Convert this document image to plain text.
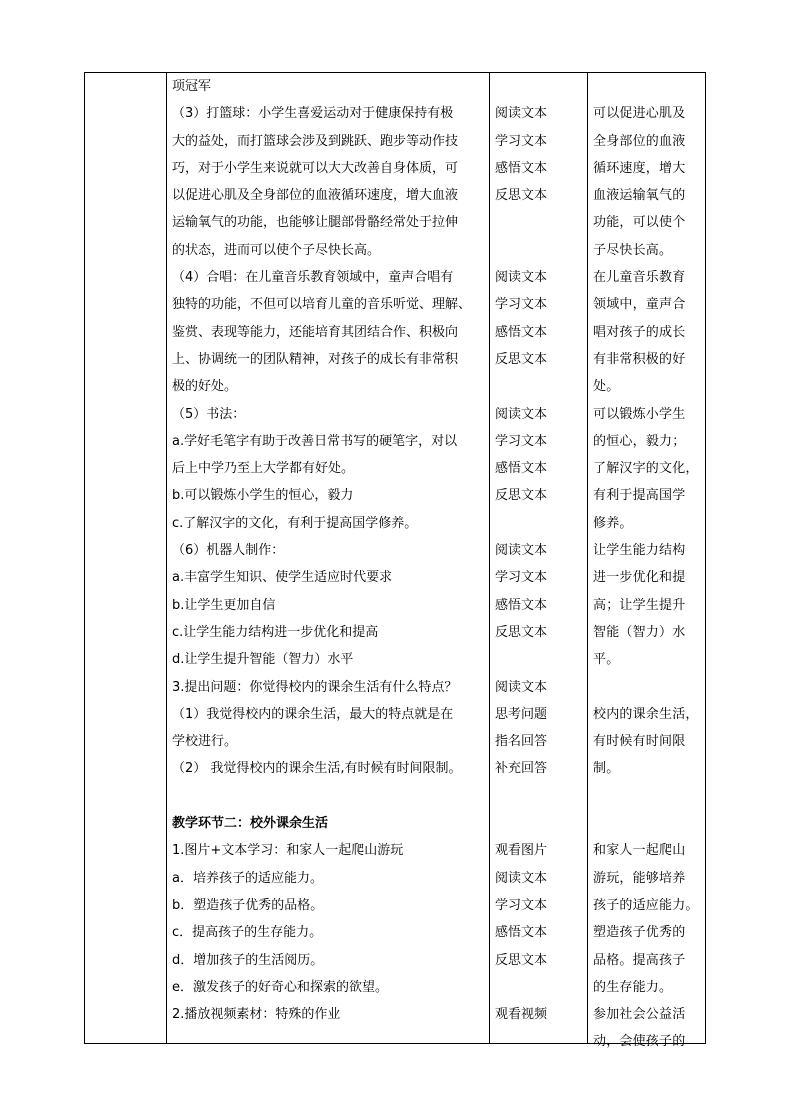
项冠军
（3）打篮球：小学生喜爱运动对于健康保持有极
大的益处，而打篮球会涉及到跳跃、跑步等动作技
巧，对于小学生来说就可以大大改善自身体质，可
以促进心肌及全身部位的血液循环速度，增大血液
运输氧气的功能，也能够让腿部骨骼经常处于拉伸
的状态，进而可以使个子尽快长高。
（4）合唱：在儿童音乐教育领域中，童声合唱有
独特的功能，不但可以培育儿童的音乐听觉、理解、
鉴赏、表现等能力，还能培育其团结合作、积极向
上、协调统一的团队精神，对孩子的成长有非常积
极的好处。
（5）书法：
a.学好毛笔字有助于改善日常书写的硬笔字，对以
后上中学乃至上大学都有好处。
b.可以锻炼小学生的恒心，毅力
c.了解汉字的文化，有利于提高国学修养。
（6）机器人制作：
a.丰富学生知识、使学生适应时代要求
b.让学生更加自信
c.让学生能力结构进一步优化和提高
d.让学生提升智能（智力）水平
3.提出问题：你觉得校内的课余生活有什么特点？
（1）我觉得校内的课余生活，最大的特点就是在
学校进行。
（2） 我觉得校内的课余生活,有时候有时间限制。
教学环节二：校外课余生活
1.图片+文本学习：和家人一起爬山游玩
a．培养孩子的适应能力。
b．塑造孩子优秀的品格。
c．提高孩子的生存能力。
d．增加孩子的生活阅历。
e．激发孩子的好奇心和探索的欲望。
2.播放视频素材：特殊的作业
阅读文本
学习文本
感悟文本
反思文本
阅读文本
学习文本
感悟文本
反思文本
阅读文本
学习文本
感悟文本
反思文本
阅读文本
学习文本
感悟文本
反思文本
阅读文本
思考问题
指名回答
补充回答
观看图片
阅读文本
学习文本
感悟文本
反思文本
观看视频
可以促进心肌及
全身部位的血液
循环速度，增大
血液运输氧气的
功能，可以使个
子尽快长高。
在儿童音乐教育
领域中，童声合
唱对孩子的成长
有非常积极的好
处。
可以锻炼小学生
的恒心，毅力；
了解汉字的文化，
有利于提高国学
修养。
让学生能力结构
进一步优化和提
高；让学生提升
智能（智力）水
平。
校内的课余生活，
有时候有时间限
制。
和家人一起爬山
游玩，能够培养
孩子的适应能力。
塑造孩子优秀的
品格。提高孩子
的生存能力。
参加社会公益活
动，会使孩子的
